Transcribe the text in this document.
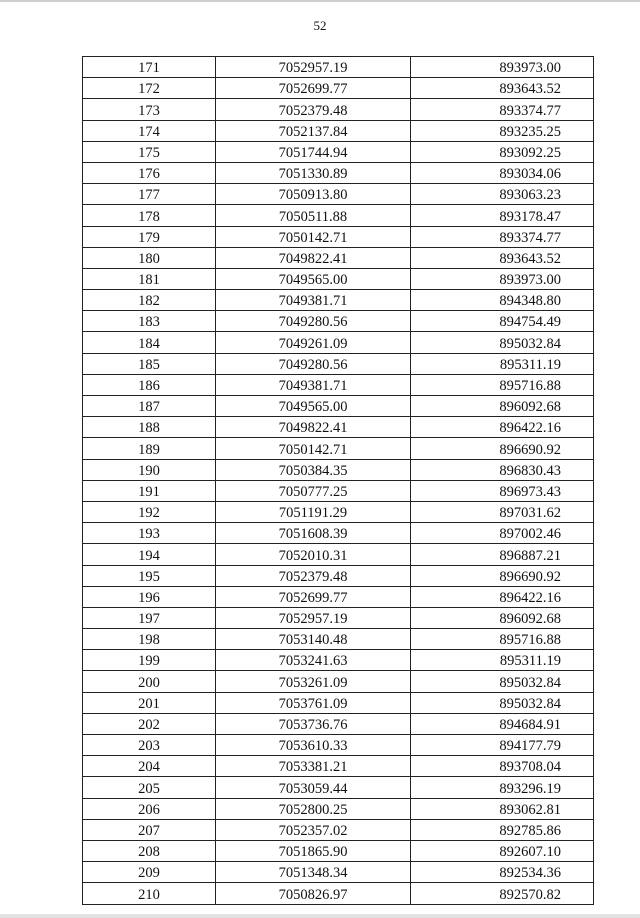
52
171	7052957.19	893973.00
172	7052699.77	893643.52
173	7052379.48	893374.77
174	7052137.84	893235.25
175	7051744.94	893092.25
176	7051330.89	893034.06
177	7050913.80	893063.23
178	7050511.88	893178.47
179	7050142.71	893374.77
180	7049822.41	893643.52
181	7049565.00	893973.00
182	7049381.71	894348.80
183	7049280.56	894754.49
184	7049261.09	895032.84
185	7049280.56	895311.19
186	7049381.71	895716.88
187	7049565.00	896092.68
188	7049822.41	896422.16
189	7050142.71	896690.92
190	7050384.35	896830.43
191	7050777.25	896973.43
192	7051191.29	897031.62
193	7051608.39	897002.46
194	7052010.31	896887.21
195	7052379.48	896690.92
196	7052699.77	896422.16
197	7052957.19	896092.68
198	7053140.48	895716.88
199	7053241.63	895311.19
200	7053261.09	895032.84
201	7053761.09	895032.84
202	7053736.76	894684.91
203	7053610.33	894177.79
204	7053381.21	893708.04
205	7053059.44	893296.19
206	7052800.25	893062.81
207	7052357.02	892785.86
208	7051865.90	892607.10
209	7051348.34	892534.36
210	7050826.97	892570.82
